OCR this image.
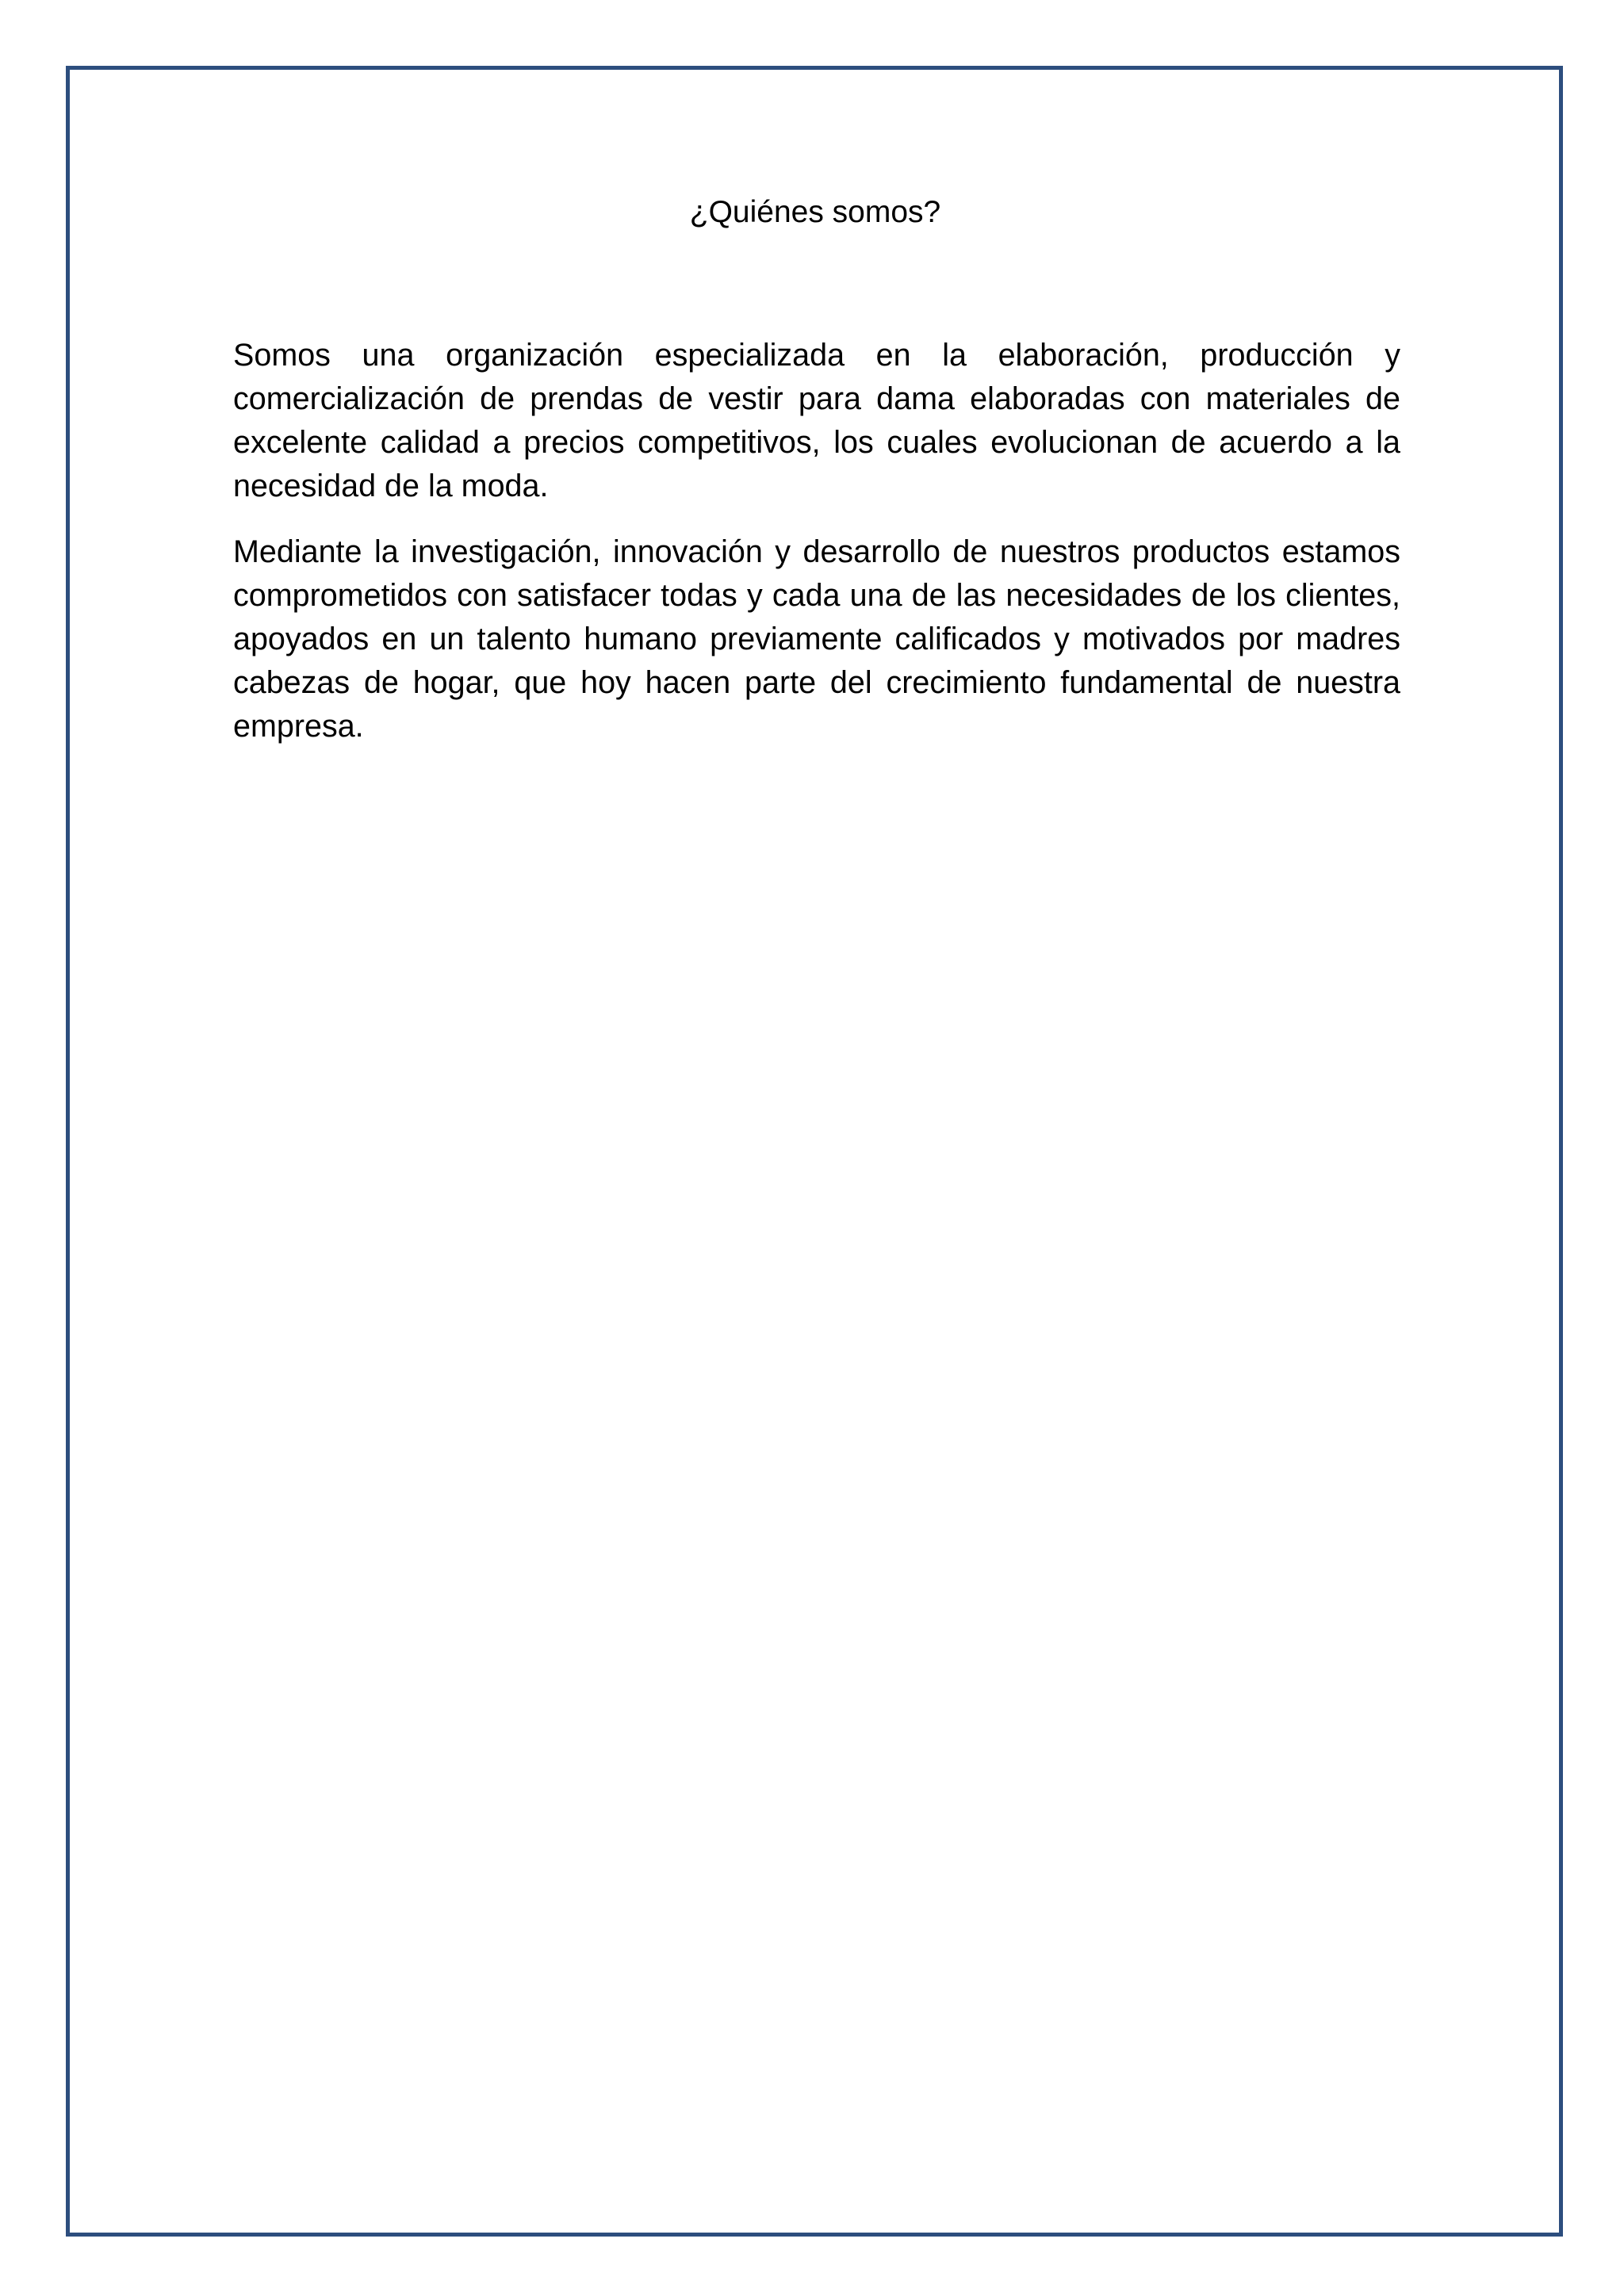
¿Quiénes somos?

Somos una organización especializada en la elaboración, producción y comercialización de prendas de vestir para dama elaboradas con materiales de excelente calidad a precios competitivos, los cuales evolucionan de acuerdo a la necesidad de la moda.

Mediante la investigación, innovación y desarrollo de nuestros productos estamos comprometidos con satisfacer todas y cada una de las necesidades de los clientes, apoyados en un talento humano previamente calificados y motivados por madres cabezas de hogar, que hoy hacen parte del crecimiento fundamental de nuestra empresa.
